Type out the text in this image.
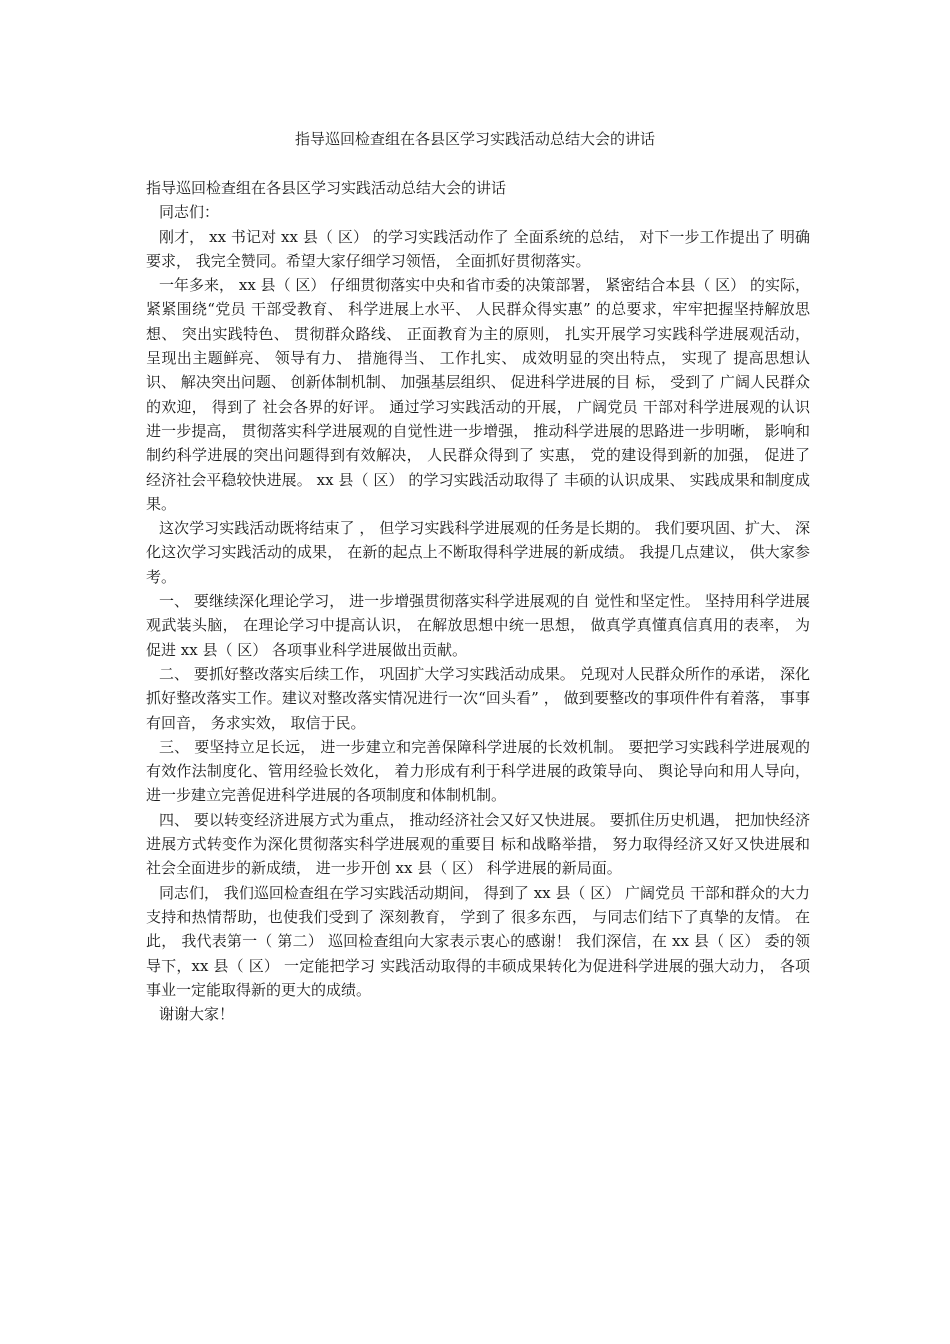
指导巡回检查组在各县区学习实践活动总结大会的讲话

指导巡回检查组在各县区学习实践活动总结大会的讲话

同志们：

刚才， xx 书记对 xx 县（ 区） 的学习实践活动作了 全面系统的总结， 对下一步工作提出了 明确要求， 我完全赞同。希望大家仔细学习领悟， 全面抓好贯彻落实。

一年多来， xx 县（ 区） 仔细贯彻落实中央和省市委的决策部署， 紧密结合本县（ 区） 的实际， 紧紧围绕“党员 干部受教育、 科学进展上水平、 人民群众得实惠” 的总要求，牢牢把握坚持解放思想、 突出实践特色、 贯彻群众路线、 正面教育为主的原则， 扎实开展学习实践科学进展观活动， 呈现出主题鲜亮、 领导有力、 措施得当、 工作扎实、 成效明显的突出特点， 实现了 提高思想认识、 解决突出问题、 创新体制机制、 加强基层组织、 促进科学进展的目 标， 受到了 广阔人民群众的欢迎， 得到了 社会各界的好评。 通过学习实践活动的开展， 广阔党员 干部对科学进展观的认识进一步提高， 贯彻落实科学进展观的自觉性进一步增强， 推动科学进展的思路进一步明晰， 影响和制约科学进展的突出问题得到有效解决， 人民群众得到了 实惠， 党的建设得到新的加强， 促进了经济社会平稳较快进展。 xx 县（ 区） 的学习实践活动取得了 丰硕的认识成果、 实践成果和制度成果。

这次学习实践活动既将结束了 ， 但学习实践科学进展观的任务是长期的。 我们要巩固、扩大、 深化这次学习实践活动的成果， 在新的起点上不断取得科学进展的新成绩。 我提几点建议， 供大家参考。

一、 要继续深化理论学习， 进一步增强贯彻落实科学进展观的自 觉性和坚定性。 坚持用科学进展观武装头脑， 在理论学习中提高认识， 在解放思想中统一思想， 做真学真懂真信真用的表率， 为促进 xx 县（ 区） 各项事业科学进展做出贡献。

二、 要抓好整改落实后续工作， 巩固扩大学习实践活动成果。 兑现对人民群众所作的承诺， 深化抓好整改落实工作。建议对整改落实情况进行一次“回头看” ， 做到要整改的事项件件有着落， 事事有回音， 务求实效， 取信于民。

三、 要坚持立足长远， 进一步建立和完善保障科学进展的长效机制。 要把学习实践科学进展观的有效作法制度化、管用经验长效化， 着力形成有利于科学进展的政策导向、 舆论导向和用人导向， 进一步建立完善促进科学进展的各项制度和体制机制。

四、 要以转变经济进展方式为重点， 推动经济社会又好又快进展。 要抓住历史机遇， 把加快经济进展方式转变作为深化贯彻落实科学进展观的重要目 标和战略举措， 努力取得经济又好又快进展和社会全面进步的新成绩， 进一步开创 xx 县（ 区） 科学进展的新局面。

同志们， 我们巡回检查组在学习实践活动期间， 得到了 xx 县（ 区） 广阔党员 干部和群众的大力支持和热情帮助，也使我们受到了 深刻教育， 学到了 很多东西， 与同志们结下了真挚的友情。 在此， 我代表第一（ 第二） 巡回检查组向大家表示衷心的感谢！ 我们深信，在 xx 县（ 区） 委的领导下，xx 县（ 区） 一定能把学习 实践活动取得的丰硕成果转化为促进科学进展的强大动力， 各项事业一定能取得新的更大的成绩。

谢谢大家！
